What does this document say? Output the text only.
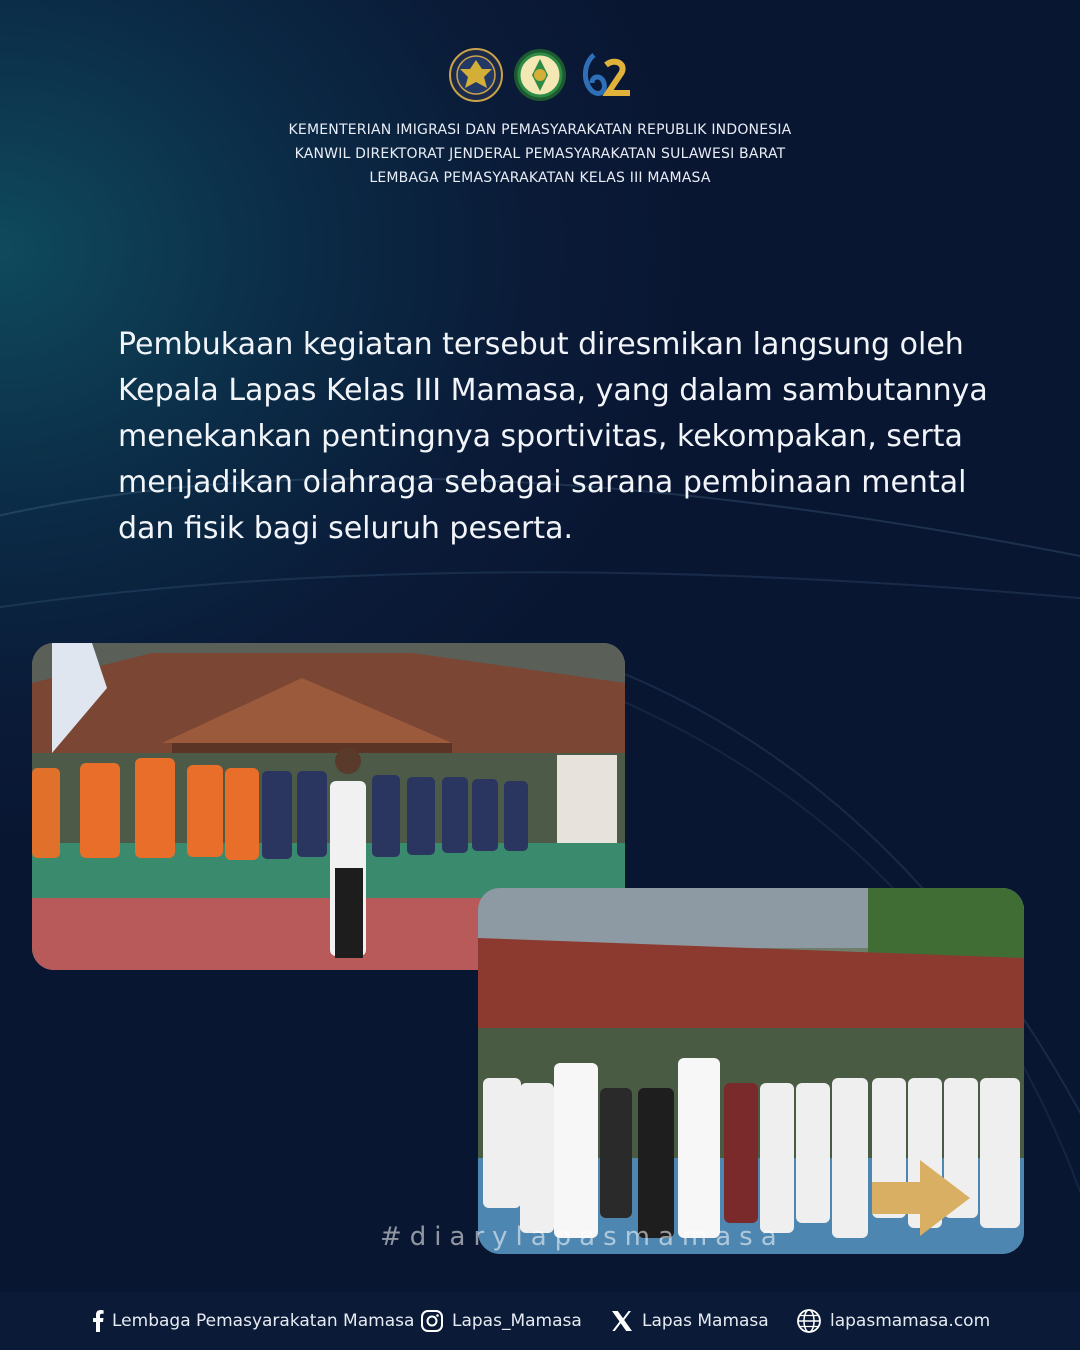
KEMENTERIAN IMIGRASI DAN PEMASYARAKATAN REPUBLIK INDONESIA
KANWIL DIREKTORAT JENDERAL PEMASYARAKATAN SULAWESI BARAT
LEMBAGA PEMASYARAKATAN KELAS III MAMASA
Pembukaan kegiatan tersebut diresmikan langsung oleh Kepala Lapas Kelas III Mamasa, yang dalam sambutannya menekankan pentingnya sportivitas, kekompakan, serta menjadikan olahraga sebagai sarana pembinaan mental dan fisik bagi seluruh peserta.
#diarylapasmamasa
Lembaga Pemasyarakatan Mamasa Lapas_Mamasa	Lapas Mamasa	lapasmamasa.com
